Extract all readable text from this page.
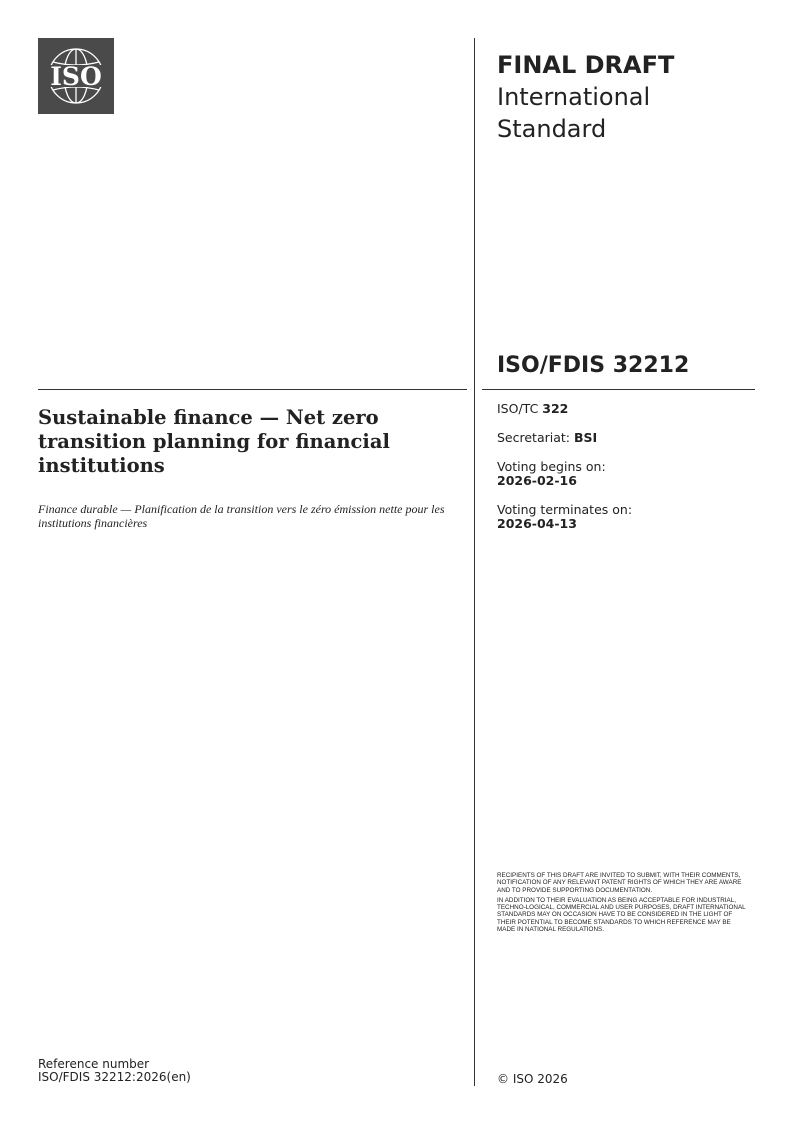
ISO	FINAL DRAFT
International
Standard
ISO/FDIS 32212
Sustainable finance — Net zero transition planning for financial institutions
Finance durable — Planification de la transition vers le zéro émission nette pour les institutions financières
ISO/TC 322
Secretariat: BSI
Voting begins on:
2026-02-16
Voting terminates on:
2026-04-13

RECIPIENTS OF THIS DRAFT ARE INVITED TO SUBMIT, WITH THEIR COMMENTS, NOTIFICATION OF ANY RELEVANT PATENT RIGHTS OF WHICH THEY ARE AWARE AND TO PROVIDE SUPPORTING DOCUMENTATION.

IN ADDITION TO THEIR EVALUATION AS BEING ACCEPTABLE FOR INDUSTRIAL, TECHNO-LOGICAL, COMMERCIAL AND USER PURPOSES, DRAFT INTERNATIONAL STANDARDS MAY ON OCCASION HAVE TO BE CONSIDERED IN THE LIGHT OF THEIR POTENTIAL TO BECOME STANDARDS TO WHICH REFERENCE MAY BE MADE IN NATIONAL REGULATIONS.

Reference number
ISO/FDIS 32212:2026(en)	© ISO 2026
